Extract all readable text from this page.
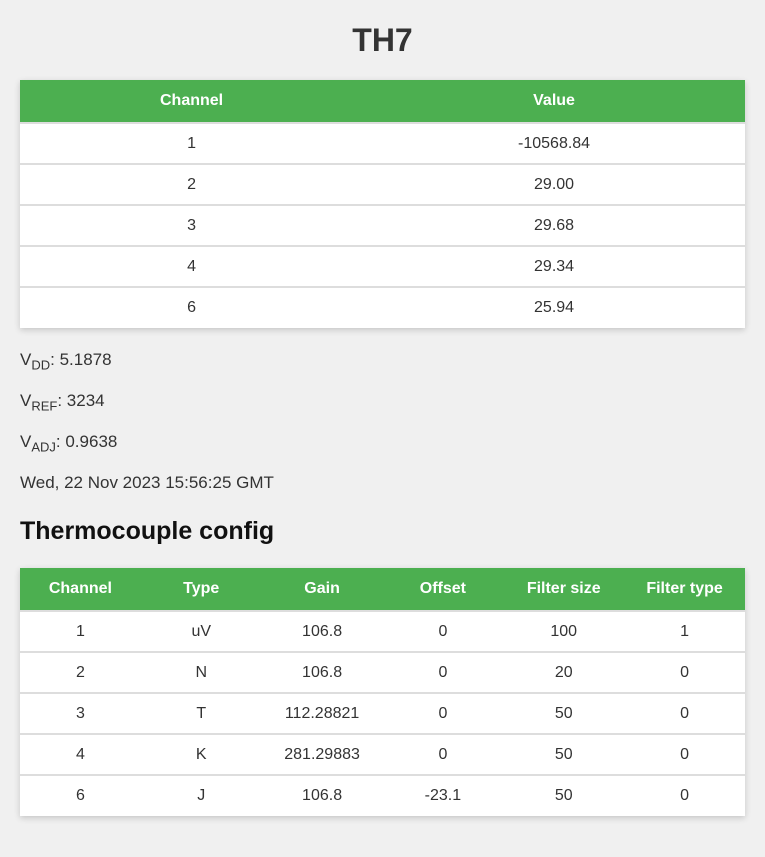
TH7
Channel	Value
1	-10568.84
2	29.00
3	29.68
4	29.34
6	25.94

$V_{DD}$: 5.1878

$V_{REF}$: 3234

$V_{ADJ}$: 0.9638

Wed, 22 Nov 2023 15:56:25 GMT

Thermocouple config
Channel	Type	Gain	Offset	Filter size	Filter type
1	uV	106.8	0	100	1
2	N	106.8	0	20	0
3	T	112.28821	0	50	0
4	K	281.29883	0	50	0
6	J	106.8	-23.1	50	0
